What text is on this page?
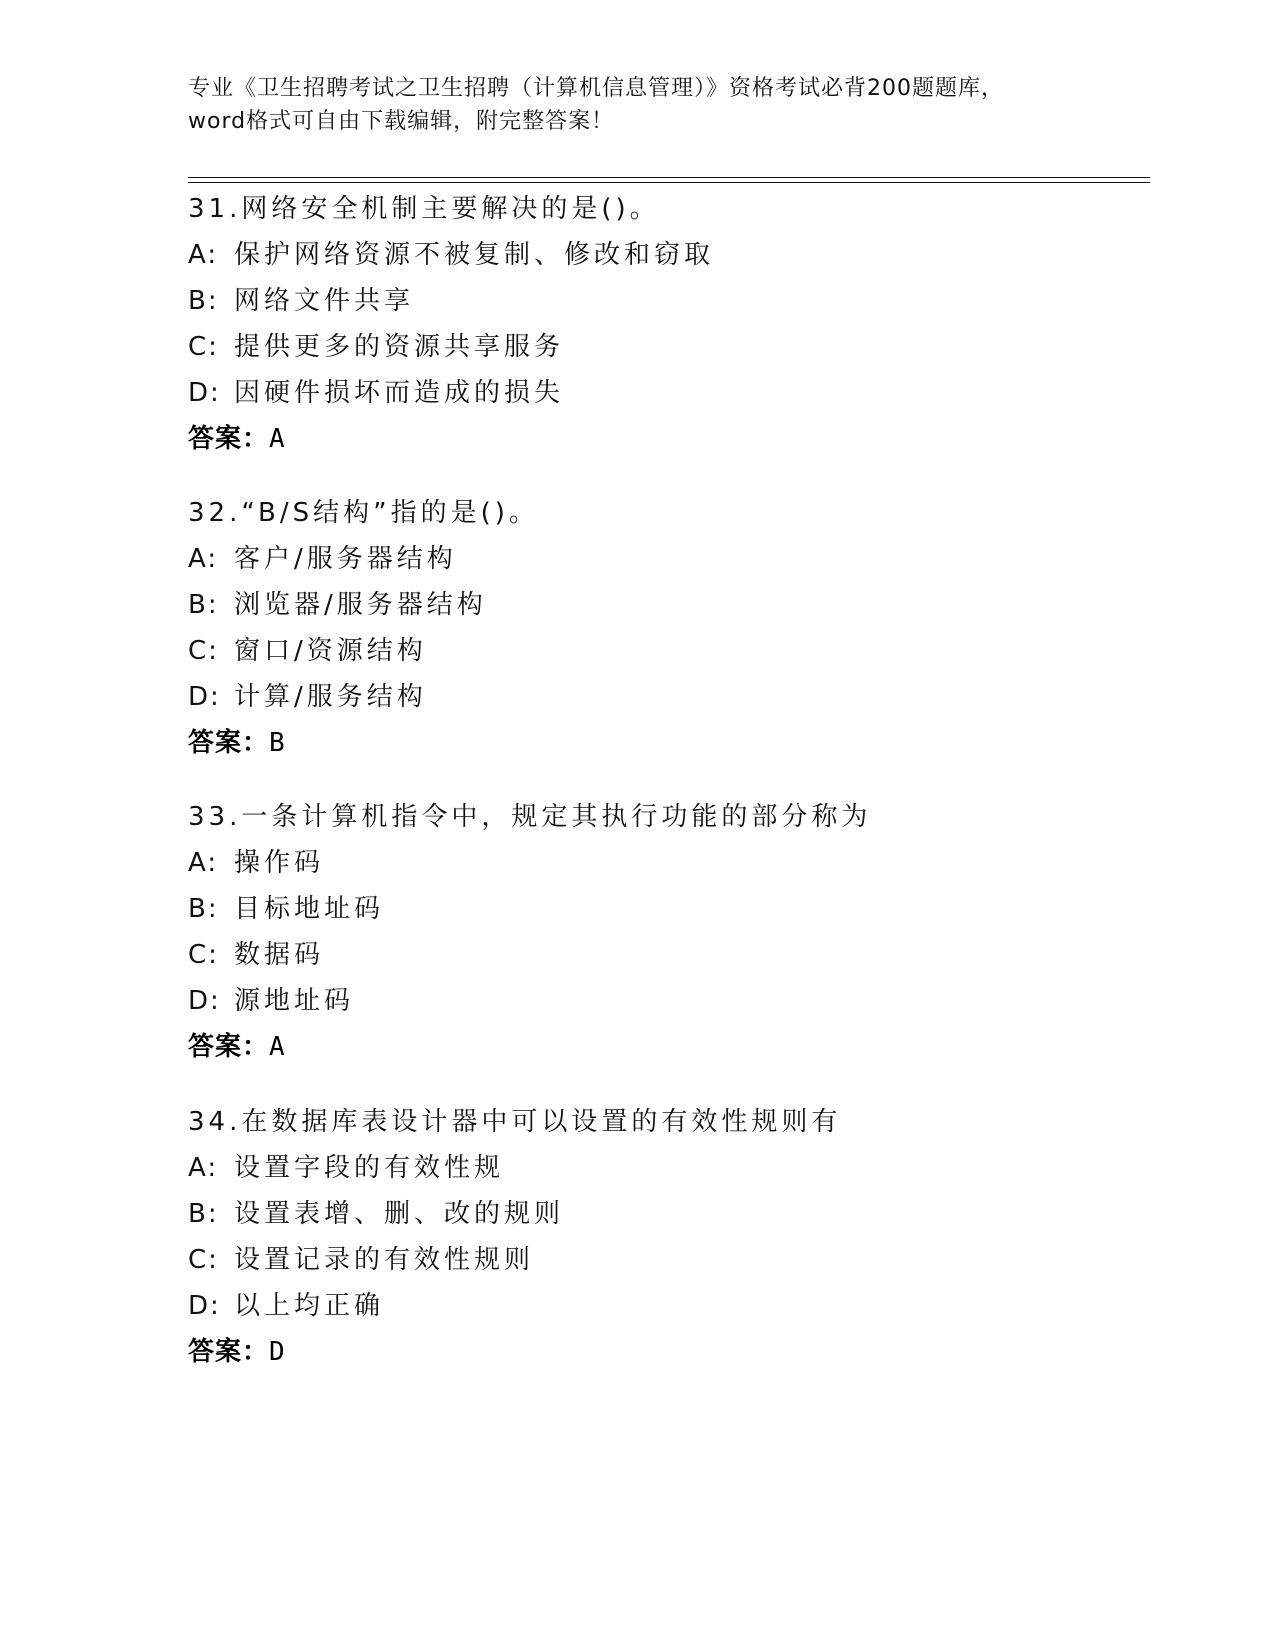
专业《卫生招聘考试之卫生招聘（计算机信息管理）》资格考试必背200题题库，
word格式可自由下载编辑，附完整答案！
31.网络安全机制主要解决的是()。
A: 保护网络资源不被复制、修改和窃取
B: 网络文件共享
C: 提供更多的资源共享服务
D: 因硬件损坏而造成的损失
答案：A
32.“B/S结构”指的是()。
A: 客户/服务器结构
B: 浏览器/服务器结构
C: 窗口/资源结构
D: 计算/服务结构
答案：B
33.一条计算机指令中，规定其执行功能的部分称为
A: 操作码
B: 目标地址码
C: 数据码
D: 源地址码
答案：A
34.在数据库表设计器中可以设置的有效性规则有
A: 设置字段的有效性规
B: 设置表增、删、改的规则
C: 设置记录的有效性规则
D: 以上均正确
答案：D
